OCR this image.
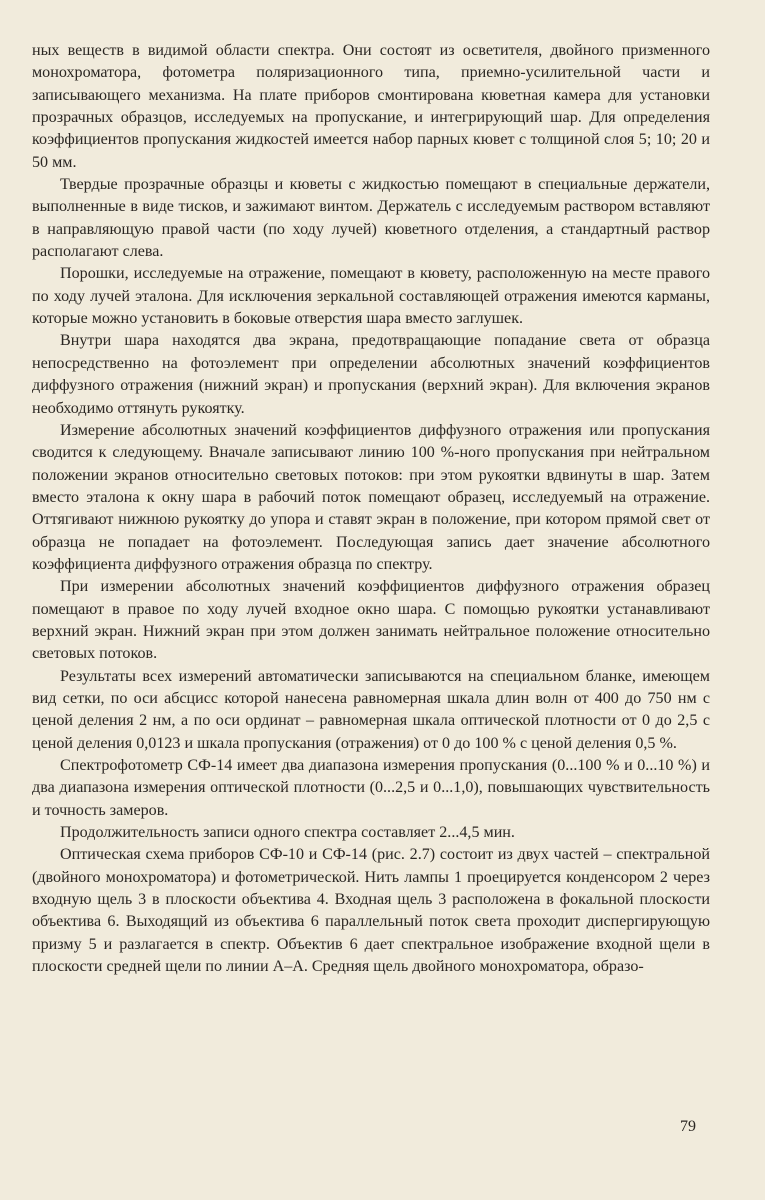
ных веществ в видимой области спектра. Они состоят из осветителя, двойного призменного монохроматора, фотометра поляризационного типа, приемно-усилительной части и записывающего механизма. На плате приборов смонтирована кюветная камера для установки прозрачных образцов, исследуемых на пропускание, и интегрирующий шар. Для определения коэффициентов пропускания жидкостей имеется набор парных кювет с толщиной слоя 5; 10; 20 и 50 мм.

Твердые прозрачные образцы и кюветы с жидкостью помещают в специальные держатели, выполненные в виде тисков, и зажимают винтом. Держатель с исследуемым раствором вставляют в направляющую правой части (по ходу лучей) кюветного отделения, а стандартный раствор располагают слева.

Порошки, исследуемые на отражение, помещают в кювету, расположенную на месте правого по ходу лучей эталона. Для исключения зеркальной составляющей отражения имеются карманы, которые можно установить в боковые отверстия шара вместо заглушек.

Внутри шара находятся два экрана, предотвращающие попадание света от образца непосредственно на фотоэлемент при определении абсолютных значений коэффициентов диффузного отражения (нижний экран) и пропускания (верхний экран). Для включения экранов необходимо оттянуть рукоятку.

Измерение абсолютных значений коэффициентов диффузного отражения или пропускания сводится к следующему. Вначале записывают линию 100 %-ного пропускания при нейтральном положении экранов относительно световых потоков: при этом рукоятки вдвинуты в шар. Затем вместо эталона к окну шара в рабочий поток помещают образец, исследуемый на отражение. Оттягивают нижнюю рукоятку до упора и ставят экран в положение, при котором прямой свет от образца не попадает на фотоэлемент. Последующая запись дает значение абсолютного коэффициента диффузного отражения образца по спектру.

При измерении абсолютных значений коэффициентов диффузного отражения образец помещают в правое по ходу лучей входное окно шара. С помощью рукоятки устанавливают верхний экран. Нижний экран при этом должен занимать нейтральное положение относительно световых потоков.

Результаты всех измерений автоматически записываются на специальном бланке, имеющем вид сетки, по оси абсцисс которой нанесена равномерная шкала длин волн от 400 до 750 нм с ценой деления 2 нм, а по оси ординат – равномерная шкала оптической плотности от 0 до 2,5 с ценой деления 0,0123 и шкала пропускания (отражения) от 0 до 100 % с ценой деления 0,5 %.

Спектрофотометр СФ-14 имеет два диапазона измерения пропускания (0...100 % и 0...10 %) и два диапазона измерения оптической плотности (0...2,5 и 0...1,0), повышающих чувствительность и точность замеров.

Продолжительность записи одного спектра составляет 2...4,5 мин.

Оптическая схема приборов СФ-10 и СФ-14 (рис. 2.7) состоит из двух частей – спектральной (двойного монохроматора) и фотометрической. Нить лампы 1 проецируется конденсором 2 через входную щель 3 в плоскости объектива 4. Входная щель 3 расположена в фокальной плоскости объектива 6. Выходящий из объектива 6 параллельный поток света проходит диспергирующую призму 5 и разлагается в спектр. Объектив 6 дает спектральное изображение входной щели в плоскости средней щели по линии А–А. Средняя щель двойного монохроматора, образо-

79
